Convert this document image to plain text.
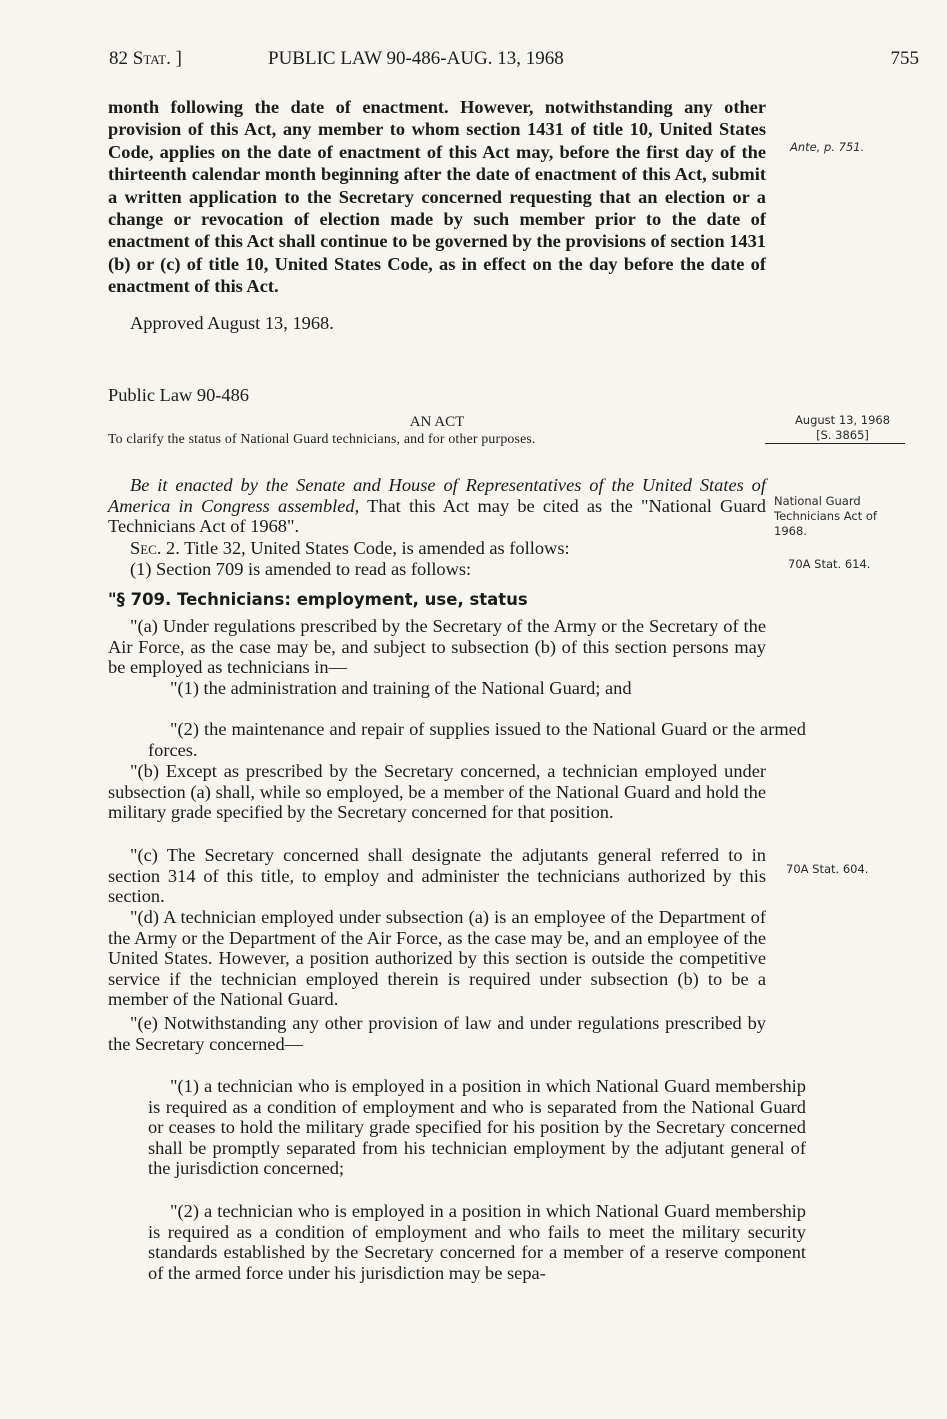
82 Stat. ]	PUBLIC LAW 90-486-AUG. 13, 1968	755
month following the date of enactment. However, notwithstanding any other provision of this Act, any member to whom section 1431 of title 10, United States Code, applies on the date of enactment of this Act may, before the first day of the thirteenth calendar month beginning after the date of enactment of this Act, submit a written application to the Secretary concerned requesting that an election or a change or revocation of election made by such member prior to the date of enactment of this Act shall continue to be governed by the provisions of section 1431 (b) or (c) of title 10, United States Code, as in effect on the day before the date of enactment of this Act.
Approved August 13, 1968.
Public Law 90-486
AN ACT
To clarify the status of National Guard technicians, and for other purposes.
Be it enacted by the Senate and House of Representatives of the United States of America in Congress assembled, That this Act may be cited as the "National Guard Technicians Act of 1968".
Sec. 2. Title 32, United States Code, is amended as follows:
(1) Section 709 is amended to read as follows:
"§ 709. Technicians: employment, use, status
"(a) Under regulations prescribed by the Secretary of the Army or the Secretary of the Air Force, as the case may be, and subject to subsection (b) of this section persons may be employed as technicians in—
"(1) the administration and training of the National Guard; and
"(2) the maintenance and repair of supplies issued to the National Guard or the armed forces.
"(b) Except as prescribed by the Secretary concerned, a technician employed under subsection (a) shall, while so employed, be a member of the National Guard and hold the military grade specified by the Secretary concerned for that position.
"(c) The Secretary concerned shall designate the adjutants general referred to in section 314 of this title, to employ and administer the technicians authorized by this section.
"(d) A technician employed under subsection (a) is an employee of the Department of the Army or the Department of the Air Force, as the case may be, and an employee of the United States. However, a position authorized by this section is outside the competitive service if the technician employed therein is required under subsection (b) to be a member of the National Guard.
"(e) Notwithstanding any other provision of law and under regulations prescribed by the Secretary concerned—
"(1) a technician who is employed in a position in which National Guard membership is required as a condition of employment and who is separated from the National Guard or ceases to hold the military grade specified for his position by the Secretary concerned shall be promptly separated from his technician employment by the adjutant general of the jurisdiction concerned;
"(2) a technician who is employed in a position in which National Guard membership is required as a condition of employment and who fails to meet the military security standards established by the Secretary concerned for a member of a reserve component of the armed force under his jurisdiction may be sepa-
Ante, p. 751.
August 13, 1968
[S. 3865]
National Guard Technicians Act of 1968.
70A Stat. 614.
70A Stat. 604.
